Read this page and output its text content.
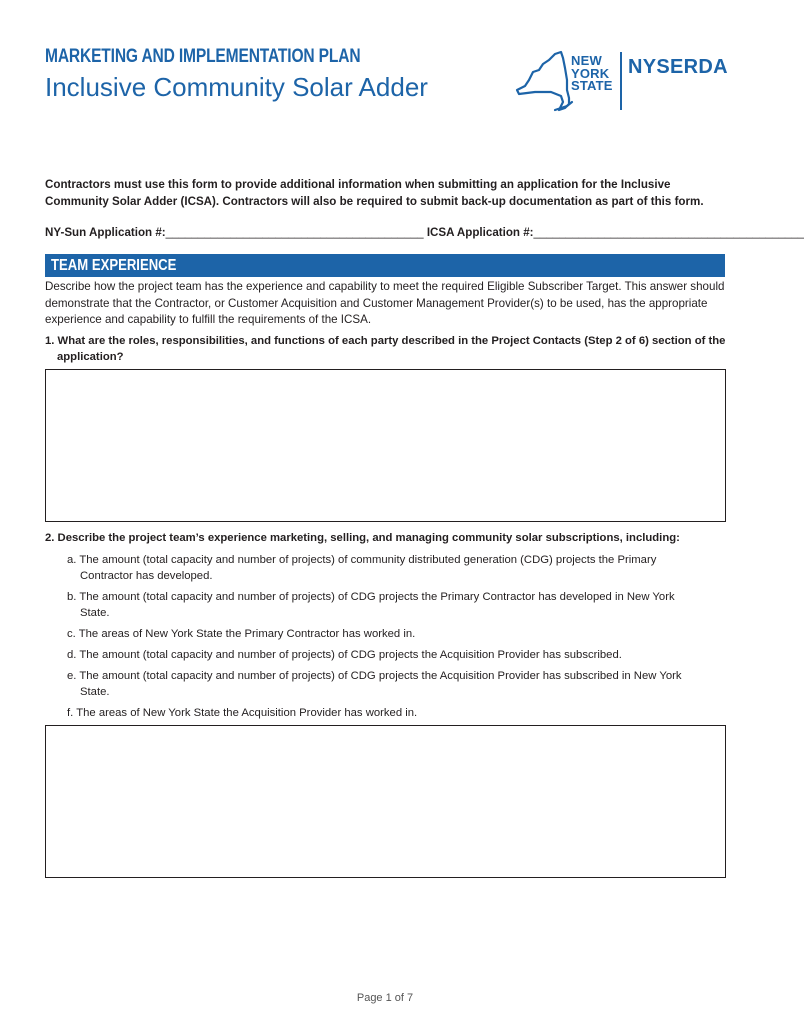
MARKETING AND IMPLEMENTATION PLAN
Inclusive Community Solar Adder
NEW
YORK
STATE
NYSERDA

Contractors must use this form to provide additional information when submitting an application for the Inclusive Community Solar Adder (ICSA). Contractors will also be required to submit back-up documentation as part of this form.

NY-Sun Application #:________________________________________ ICSA Application #:__________________________________________
TEAM EXPERIENCE

Describe how the project team has the experience and capability to meet the required Eligible Subscriber Target. This answer should demonstrate that the Contractor, or Customer Acquisition and Customer Management Provider(s) to be used, has the appropriate experience and capability to fulfill the requirements of the ICSA.

1. What are the roles, responsibilities, and functions of each party described in the Project Contacts (Step 2 of 6) section of the application?

2. Describe the project team’s experience marketing, selling, and managing community solar subscriptions, including:

a. The amount (total capacity and number of projects) of community distributed generation (CDG) projects the Primary Contractor has developed.
b. The amount (total capacity and number of projects) of CDG projects the Primary Contractor has developed in New York State.
c. The areas of New York State the Primary Contractor has worked in.
d. The amount (total capacity and number of projects) of CDG projects the Acquisition Provider has subscribed.
e. The amount (total capacity and number of projects) of CDG projects the Acquisition Provider has subscribed in New York State.
f. The areas of New York State the Acquisition Provider has worked in.
Page 1 of 7
